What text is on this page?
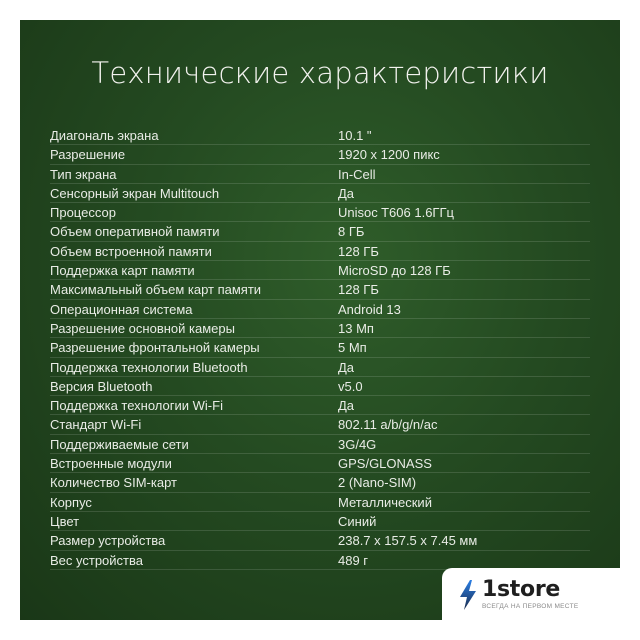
Технические характеристики
Диагональ экрана	10.1 "
Разрешение	1920 x 1200 пикс
Тип экрана	In-Cell
Сенсорный экран Multitouch	Да
Процессор	Unisoc T606 1.6ГГц
Объем оперативной памяти	8 ГБ
Объем встроенной памяти	128 ГБ
Поддержка карт памяти	MicroSD до 128 ГБ
Максимальный объем карт памяти	128 ГБ
Операционная система	Android 13
Разрешение основной камеры	13 Мп
Разрешение фронтальной камеры	5 Мп
Поддержка технологии Bluetooth	Да
Версия Bluetooth	v5.0
Поддержка технологии Wi-Fi	Да
Стандарт Wi-Fi	802.11 a/b/g/n/ac
Поддерживаемые сети	3G/4G
Встроенные модули	GPS/GLONASS
Количество SIM-карт	2 (Nano-SIM)
Корпус	Металлический
Цвет	Синий
Размер устройства	238.7 x 157.5 x 7.45 мм
Вес устройства	489 г
1store
ВСЕГДА НА ПЕРВОМ МЕСТЕ
